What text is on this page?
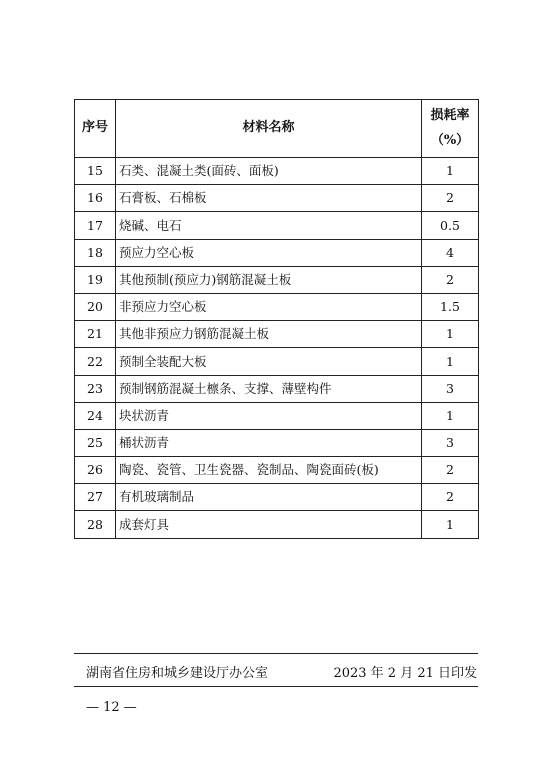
序号	材料名称	损耗率
（%）

15	石类、混凝土类(面砖、面板)	1
16	石膏板、石棉板	2
17	烧碱、电石	0.5
18	预应力空心板	4
19	其他预制(预应力)钢筋混凝土板	2
20	非预应力空心板	1.5
21	其他非预应力钢筋混凝土板	1
22	预制全装配大板	1
23	预制钢筋混凝土檩条、支撑、薄壁构件	3
24	块状沥青	1
25	桶状沥青	3
26	陶瓷、瓷管、卫生瓷器、瓷制品、陶瓷面砖(板)	2
27	有机玻璃制品	2
28	成套灯具	1
湖南省住房和城乡建设厅办公室	2023 年 2 月 21 日印发
— 12 —
